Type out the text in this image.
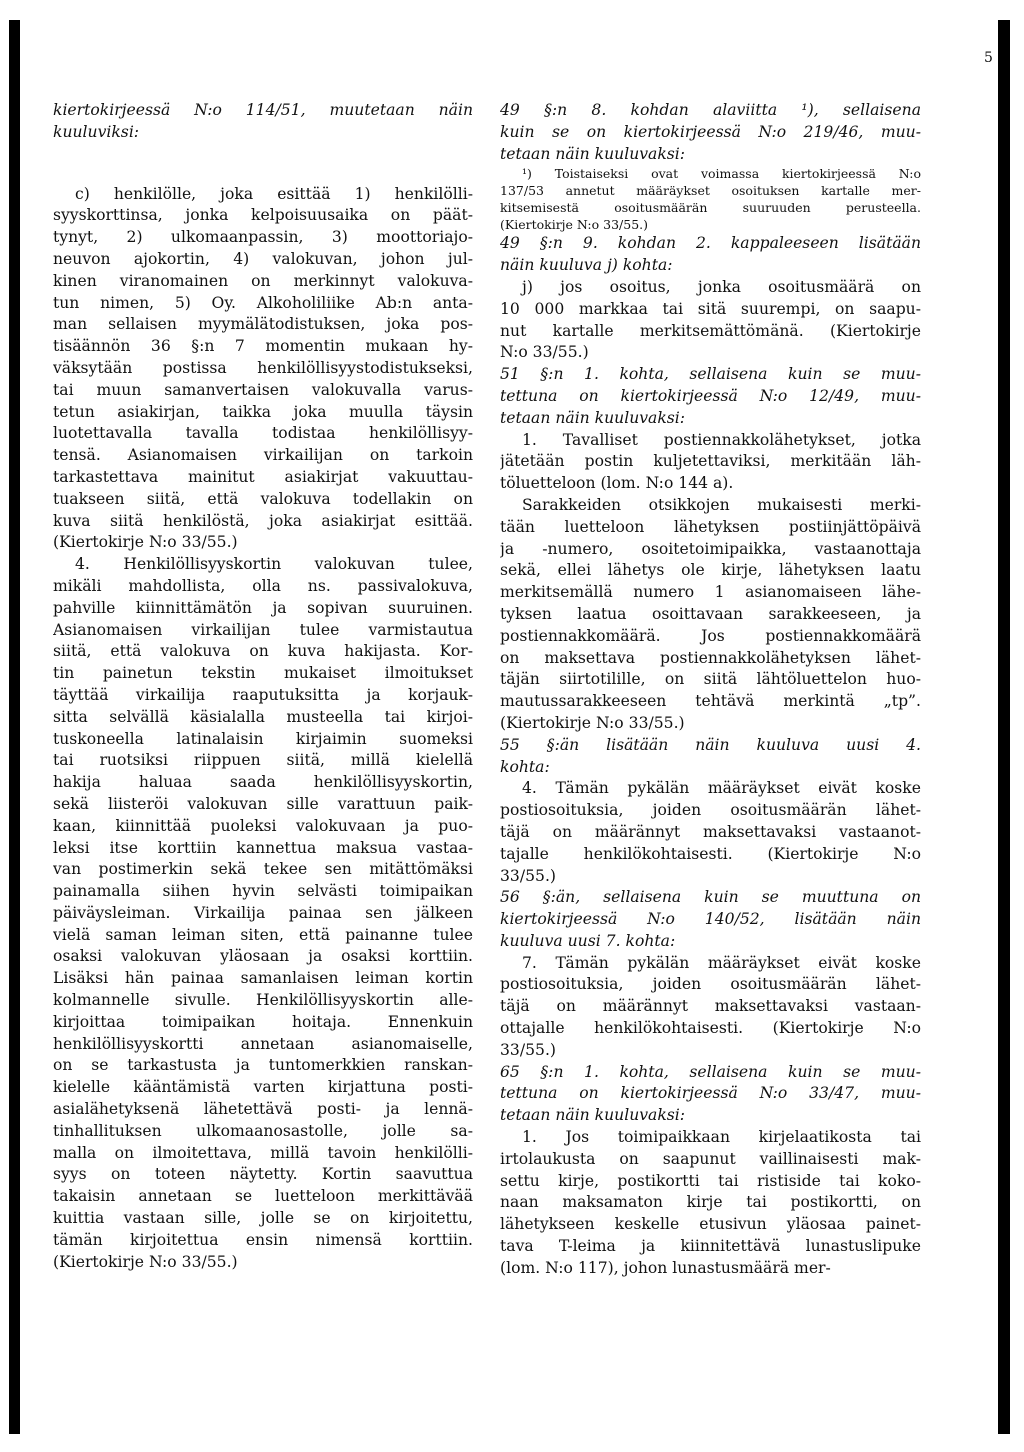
5
kiertokirjeessä N:o 114/51, muutetaan näin
kuuluviksi:
c) henkilölle, joka esittää 1) henkilölli-
syyskorttinsa, jonka kelpoisuusaika on päät-
tynyt, 2) ulkomaanpassin, 3) moottoriajo-
neuvon ajokortin, 4) valokuvan, johon jul-
kinen viranomainen on merkinnyt valokuva-
tun nimen, 5) Oy. Alkoholiliike Ab:n anta-
man sellaisen myymälätodistuksen, joka pos-
tisäännön 36 §:n 7 momentin mukaan hy-
väksytään postissa henkilöllisyystodistukseksi,
tai muun samanvertaisen valokuvalla varus-
tetun asiakirjan, taikka joka muulla täysin
luotettavalla tavalla todistaa henkilöllisyy-
tensä. Asianomaisen virkailijan on tarkoin
tarkastettava mainitut asiakirjat vakuuttau-
tuakseen siitä, että valokuva todellakin on
kuva siitä henkilöstä, joka asiakirjat esittää.
(Kiertokirje N:o 33/55.)
4. Henkilöllisyyskortin valokuvan tulee,
mikäli mahdollista, olla ns. passivalokuva,
pahville kiinnittämätön ja sopivan suuruinen.
Asianomaisen virkailijan tulee varmistautua
siitä, että valokuva on kuva hakijasta. Kor-
tin painetun tekstin mukaiset ilmoitukset
täyttää virkailija raaputuksitta ja korjauk-
sitta selvällä käsialalla musteella tai kirjoi-
tuskoneella latinalaisin kirjaimin suomeksi
tai ruotsiksi riippuen siitä, millä kielellä
hakija haluaa saada henkilöllisyyskortin,
sekä liisteröi valokuvan sille varattuun paik-
kaan, kiinnittää puoleksi valokuvaan ja puo-
leksi itse korttiin kannettua maksua vastaa-
van postimerkin sekä tekee sen mitättömäksi
painamalla siihen hyvin selvästi toimipaikan
päiväysleiman. Virkailija painaa sen jälkeen
vielä saman leiman siten, että painanne tulee
osaksi valokuvan yläosaan ja osaksi korttiin.
Lisäksi hän painaa samanlaisen leiman kortin
kolmannelle sivulle. Henkilöllisyyskortin alle-
kirjoittaa toimipaikan hoitaja. Ennenkuin
henkilöllisyyskortti annetaan asianomaiselle,
on se tarkastusta ja tuntomerkkien ranskan-
kielelle kääntämistä varten kirjattuna posti-
asialähetyksenä lähetettävä posti- ja lennä-
tinhallituksen ulkomaanosastolle, jolle sa-
malla on ilmoitettava, millä tavoin henkilölli-
syys on toteen näytetty. Kortin saavuttua
takaisin annetaan se luetteloon merkittävää
kuittia vastaan sille, jolle se on kirjoitettu,
tämän kirjoitettua ensin nimensä korttiin.
(Kiertokirje N:o 33/55.)
49 §:n 8. kohdan alaviitta ¹), sellaisena
kuin se on kiertokirjeessä N:o 219/46, muu-
tetaan näin kuuluvaksi:
¹) Toistaiseksi ovat voimassa kiertokirjeessä N:o
137/53 annetut määräykset osoituksen kartalle mer-
kitsemisestä osoitusmäärän suuruuden perusteella.
(Kiertokirje N:o 33/55.)
49 §:n 9. kohdan 2. kappaleeseen lisätään
näin kuuluva j) kohta:
j) jos osoitus, jonka osoitusmäärä on
10 000 markkaa tai sitä suurempi, on saapu-
nut kartalle merkitsemättömänä. (Kiertokirje
N:o 33/55.)
51 §:n 1. kohta, sellaisena kuin se muu-
tettuna on kiertokirjeessä N:o 12/49, muu-
tetaan näin kuuluvaksi:
1. Tavalliset postiennakkolähetykset, jotka
jätetään postin kuljetettaviksi, merkitään läh-
töluetteloon (lom. N:o 144 a).
Sarakkeiden otsikkojen mukaisesti merki-
tään luetteloon lähetyksen postiinjättöpäivä
ja -numero, osoitetoimipaikka, vastaanottaja
sekä, ellei lähetys ole kirje, lähetyksen laatu
merkitsemällä numero 1 asianomaiseen lähe-
tyksen laatua osoittavaan sarakkeeseen, ja
postiennakkomäärä. Jos postiennakkomäärä
on maksettava postiennakkolähetyksen lähet-
täjän siirtotilille, on siitä lähtöluettelon huo-
mautussarakkeeseen tehtävä merkintä „tp”.
(Kiertokirje N:o 33/55.)
55 §:än lisätään näin kuuluva uusi 4.
kohta:
4. Tämän pykälän määräykset eivät koske
postiosoituksia, joiden osoitusmäärän lähet-
täjä on määrännyt maksettavaksi vastaanot-
tajalle henkilökohtaisesti. (Kiertokirje N:o
33/55.)
56 §:än, sellaisena kuin se muuttuna on
kiertokirjeessä N:o 140/52, lisätään näin
kuuluva uusi 7. kohta:
7. Tämän pykälän määräykset eivät koske
postiosoituksia, joiden osoitusmäärän lähet-
täjä on määrännyt maksettavaksi vastaan-
ottajalle henkilökohtaisesti. (Kiertokirje N:o
33/55.)
65 §:n 1. kohta, sellaisena kuin se muu-
tettuna on kiertokirjeessä N:o 33/47, muu-
tetaan näin kuuluvaksi:
1. Jos toimipaikkaan kirjelaatikosta tai
irtolaukusta on saapunut vaillinaisesti mak-
settu kirje, postikortti tai ristiside tai koko-
naan maksamaton kirje tai postikortti, on
lähetykseen keskelle etusivun yläosaa painet-
tava T-leima ja kiinnitettävä lunastuslipuke
(lom. N:o 117), johon lunastusmäärä mer-
